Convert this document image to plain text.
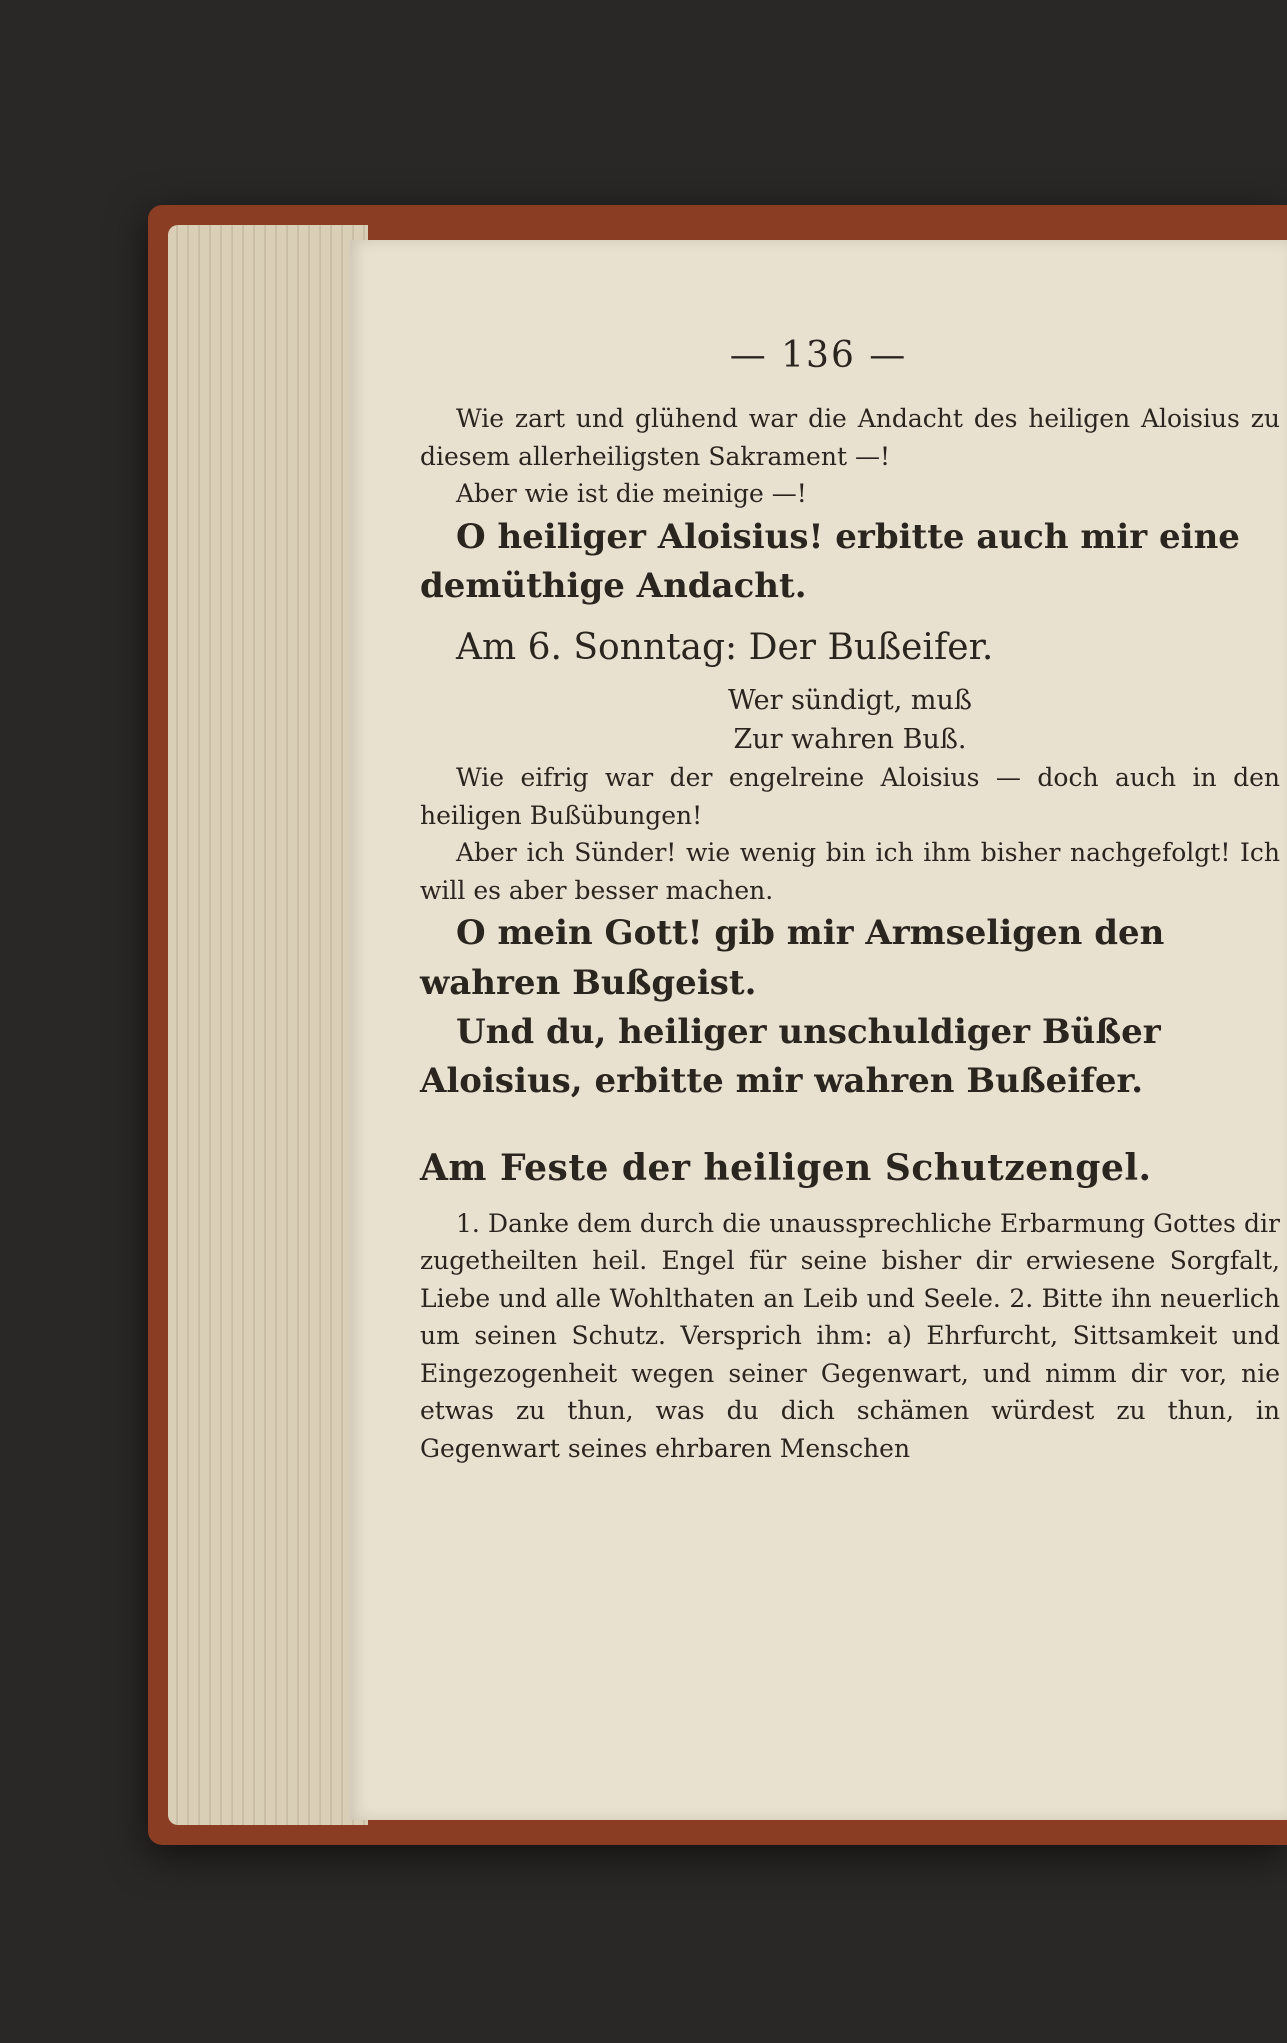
— 136 —

Wie zart und glühend war die Andacht des heiligen Aloisius zu diesem allerheiligsten Sakrament —!

Aber wie ist die meinige —!

O heiliger Aloisius! erbitte auch mir eine demüthige Andacht.

Am 6. Sonntag: Der Bußeifer.

Wer sündigt, muß

Zur wahren Buß.

Wie eifrig war der engelreine Aloisius — doch auch in den heiligen Bußübungen!

Aber ich Sünder! wie wenig bin ich ihm bisher nachgefolgt! Ich will es aber besser machen.

O mein Gott! gib mir Armseligen den wahren Bußgeist.

Und du, heiliger unschuldiger Büßer Aloisius, erbitte mir wahren Bußeifer.

Am Feste der heiligen Schutzengel.

1. Danke dem durch die unaussprechliche Erbarmung Gottes dir zugetheilten heil. Engel für seine bisher dir erwiesene Sorgfalt, Liebe und alle Wohlthaten an Leib und Seele. 2. Bitte ihn neuerlich um seinen Schutz. Versprich ihm: a) Ehrfurcht, Sittsamkeit und Eingezogenheit wegen seiner Gegenwart, und nimm dir vor, nie etwas zu thun, was du dich schämen würdest zu thun, in Gegenwart seines ehrbaren Menschen
